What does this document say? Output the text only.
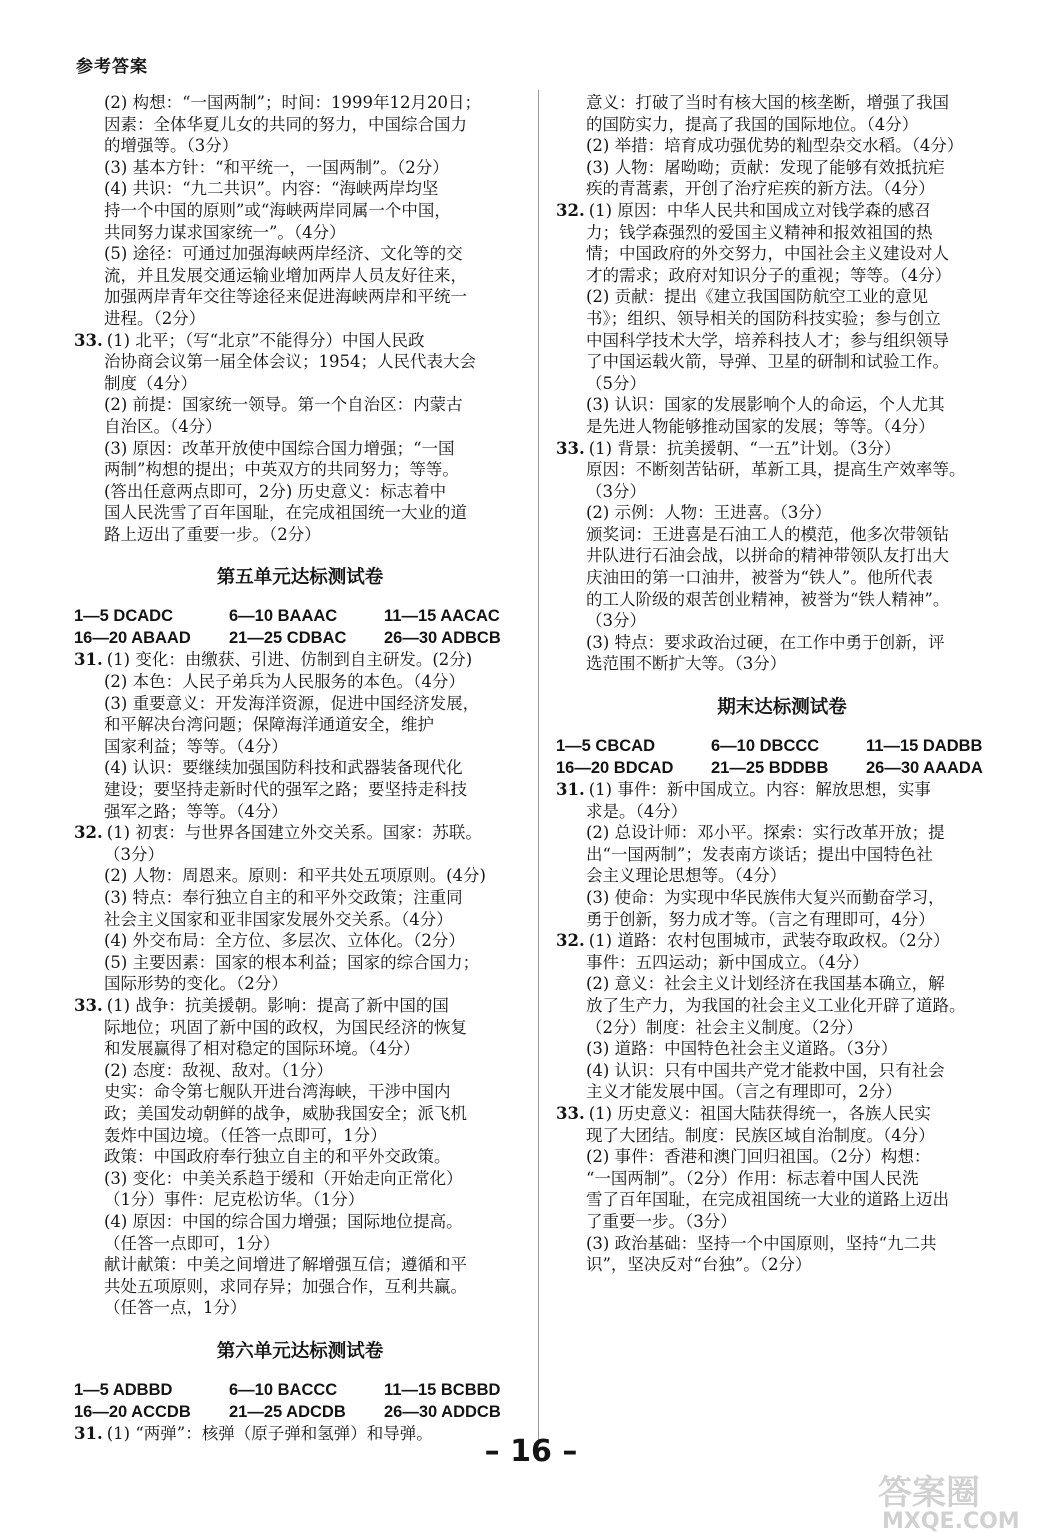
参考答案
(2) 构想：“一国两制”；时间：1999年12月20日；
因素：全体华夏儿女的共同的努力，中国综合国力
的增强等。（3分）
(3) 基本方针：“和平统一，一国两制”。（2分）
(4) 共识：“九二共识”。内容：“海峡两岸均坚
持一个中国的原则”或“海峡两岸同属一个中国，
共同努力谋求国家统一”。（4分）
(5) 途径：可通过加强海峡两岸经济、文化等的交
流，并且发展交通运输业增加两岸人员友好往来，
加强两岸青年交往等途径来促进海峡两岸和平统一
进程。（2分）
33. (1) 北平；（写“北京”不能得分）中国人民政
治协商会议第一届全体会议；1954；人民代表大会
制度（4分）
(2) 前提：国家统一领导。第一个自治区：内蒙古
自治区。（4分）
(3) 原因：改革开放使中国综合国力增强；“一国
两制”构想的提出；中英双方的共同努力；等等。
(答出任意两点即可，2分) 历史意义：标志着中
国人民洗雪了百年国耻，在完成祖国统一大业的道
路上迈出了重要一步。（2分）
第五单元达标测试卷
1—5 DCADC	6—10 BAAAC	11—15 AACAC
16—20 ABAAD	21—25 CDBAC	26—30 ADBCB
31. (1) 变化：由缴获、引进、仿制到自主研发。(2分)
(2) 本色：人民子弟兵为人民服务的本色。（4分）
(3) 重要意义：开发海洋资源，促进中国经济发展，
和平解决台湾问题；保障海洋通道安全，维护
国家利益；等等。（4分）
(4) 认识：要继续加强国防科技和武器装备现代化
建设；要坚持走新时代的强军之路；要坚持走科技
强军之路；等等。（4分）
32. (1) 初衷：与世界各国建立外交关系。国家：苏联。
（3分）
(2) 人物：周恩来。原则：和平共处五项原则。(4分)
(3) 特点：奉行独立自主的和平外交政策；注重同
社会主义国家和亚非国家发展外交关系。（4分）
(4) 外交布局：全方位、多层次、立体化。（2分）
(5) 主要因素：国家的根本利益；国家的综合国力；
国际形势的变化。（2分）
33. (1) 战争：抗美援朝。影响：提高了新中国的国
际地位；巩固了新中国的政权，为国民经济的恢复
和发展赢得了相对稳定的国际环境。（4分）
(2) 态度：敌视、敌对。（1分）
史实：命令第七舰队开进台湾海峡，干涉中国内
政；美国发动朝鲜的战争，威胁我国安全；派飞机
轰炸中国边境。（任答一点即可，1分）
政策：中国政府奉行独立自主的和平外交政策。
(3) 变化：中美关系趋于缓和（开始走向正常化）
（1分）事件：尼克松访华。（1分）
(4) 原因：中国的综合国力增强；国际地位提高。
（任答一点即可，1分）
献计献策：中美之间增进了解增强互信；遵循和平
共处五项原则，求同存异；加强合作，互利共赢。
（任答一点，1分）
第六单元达标测试卷
1—5 ADBBD	6—10 BACCC	11—15 BCBBD
16—20 ACCDB	21—25 ADCDB	26—30 ADDCB
31. (1) “两弹”：核弹（原子弹和氢弹）和导弹。
意义：打破了当时有核大国的核垄断，增强了我国
的国防实力，提高了我国的国际地位。（4分）
(2) 举措：培育成功强优势的籼型杂交水稻。（4分）
(3) 人物：屠呦呦；贡献：发现了能够有效抵抗疟
疾的青蒿素，开创了治疗疟疾的新方法。（4分）
32. (1) 原因：中华人民共和国成立对钱学森的感召
力；钱学森强烈的爱国主义精神和报效祖国的热
情；中国政府的外交努力，中国社会主义建设对人
才的需求；政府对知识分子的重视；等等。（4分）
(2) 贡献：提出《建立我国国防航空工业的意见
书》；组织、领导相关的国防科技实验；参与创立
中国科学技术大学，培养科技人才；参与组织领导
了中国运载火箭，导弹、卫星的研制和试验工作。
（5分）
(3) 认识：国家的发展影响个人的命运，个人尤其
是先进人物能够推动国家的发展；等等。（4分）
33. (1) 背景：抗美援朝、“一五”计划。（3分）
原因：不断刻苦钻研，革新工具，提高生产效率等。
（3分）
(2) 示例：人物：王进喜。（3分）
颁奖词：王进喜是石油工人的模范，他多次带领钻
井队进行石油会战，以拼命的精神带领队友打出大
庆油田的第一口油井，被誉为“铁人”。他所代表
的工人阶级的艰苦创业精神，被誉为“铁人精神”。
（3分）
(3) 特点：要求政治过硬，在工作中勇于创新，评
选范围不断扩大等。（3分）
期末达标测试卷
1—5 CBCAD	6—10 DBCCC	11—15 DADBB
16—20 BDCAD	21—25 BDDBB	26—30 AAADA
31. (1) 事件：新中国成立。内容：解放思想，实事
求是。（4分）
(2) 总设计师：邓小平。探索：实行改革开放；提
出“一国两制”；发表南方谈话；提出中国特色社
会主义理论思想等。（4分）
(3) 使命：为实现中华民族伟大复兴而勤奋学习，
勇于创新，努力成才等。（言之有理即可，4分）
32. (1) 道路：农村包围城市，武装夺取政权。（2分）
事件：五四运动；新中国成立。（4分）
(2) 意义：社会主义计划经济在我国基本确立，解
放了生产力，为我国的社会主义工业化开辟了道路。
（2分）制度：社会主义制度。（2分）
(3) 道路：中国特色社会主义道路。（3分）
(4) 认识：只有中国共产党才能救中国，只有社会
主义才能发展中国。（言之有理即可，2分）
33. (1) 历史意义：祖国大陆获得统一，各族人民实
现了大团结。制度：民族区域自治制度。（4分）
(2) 事件：香港和澳门回归祖国。（2分）构想：
“一国两制”。（2分）作用：标志着中国人民洗
雪了百年国耻，在完成祖国统一大业的道路上迈出
了重要一步。（3分）
(3) 政治基础：坚持一个中国原则，坚持“九二共
识”，坚决反对“台独”。（2分）
– 16 –
答案圈
MXQE.COM
